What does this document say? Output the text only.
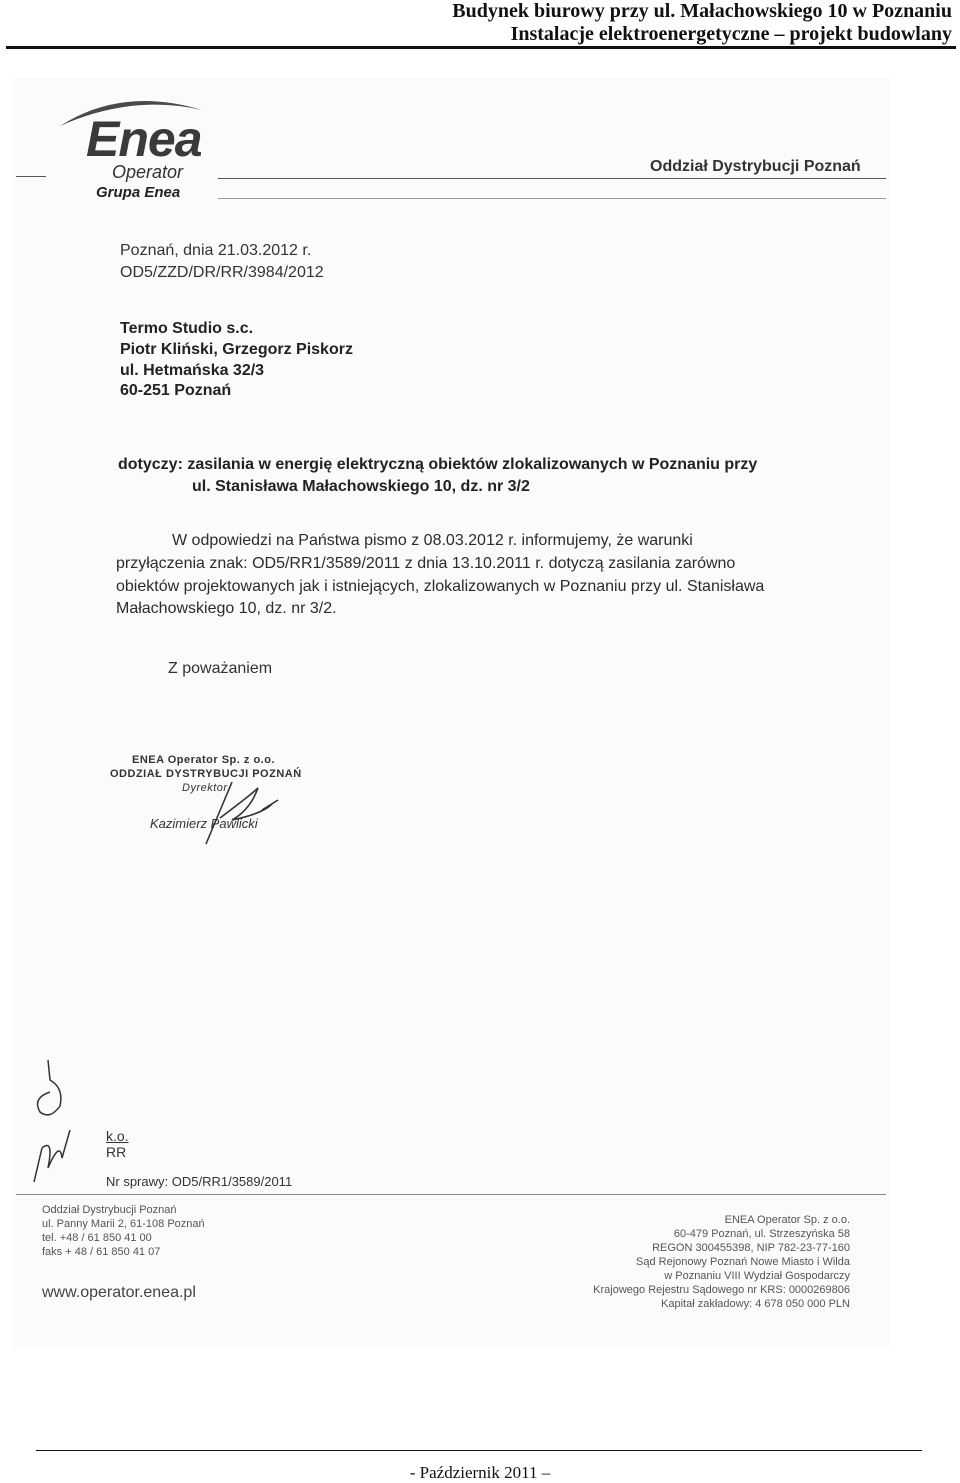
Budynek biurowy przy ul. Małachowskiego 10 w Poznaniu
Instalacje elektroenergetyczne – projekt budowlany
Enea
Operator
Grupa Enea
Oddział Dystrybucji Poznań
Poznań, dnia 21.03.2012 r.
OD5/ZZD/DR/RR/3984/2012
Termo Studio s.c.
Piotr Kliński, Grzegorz Piskorz
ul. Hetmańska 32/3
60-251 Poznań
dotyczy: zasilania w energię elektryczną obiektów zlokalizowanych w Poznaniu przy
ul. Stanisława Małachowskiego 10, dz. nr 3/2
W odpowiedzi na Państwa pismo z 08.03.2012 r. informujemy, że warunki
przyłączenia znak: OD5/RR1/3589/2011 z dnia 13.10.2011 r. dotyczą zasilania zarówno
obiektów projektowanych jak i istniejących, zlokalizowanych w Poznaniu przy ul. Stanisława
Małachowskiego 10, dz. nr 3/2.
Z poważaniem
ENEA Operator Sp. z o.o.
ODDZIAŁ DYSTRYBUCJI POZNAŃ
Dyrektor
Kazimierz Pawlicki
k.o.
RR
Nr sprawy: OD5/RR1/3589/2011
Oddział Dystrybucji Poznań
ul. Panny Marii 2, 61-108 Poznań
tel. +48 / 61 850 41 00
faks + 48 / 61 850 41 07
www.operator.enea.pl
ENEA Operator Sp. z o.o.
60-479 Poznań, ul. Strzeszyńska 58
REGON 300455398, NIP 782-23-77-160
Sąd Rejonowy Poznań Nowe Miasto i Wilda
w Poznaniu VIII Wydział Gospodarczy
Krajowego Rejestru Sądowego nr KRS: 0000269806
Kapitał zakładowy: 4 678 050 000 PLN
- Październik 2011 –
